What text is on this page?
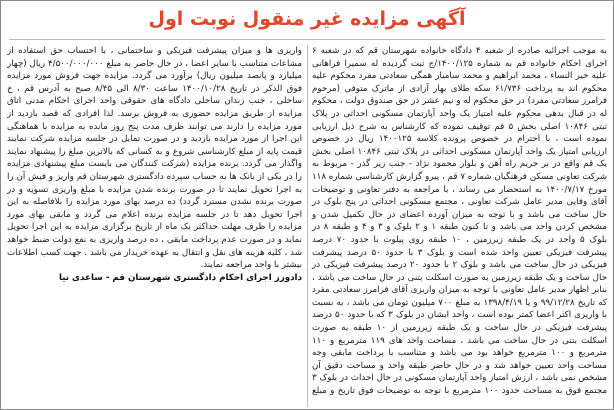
آگهی مزایده غیر منقول نوبت اول

به موجب اجرائیه صادره از شعبه ۴ دادگاه خانواده شهرستان قم که در شعبه ۶ اجرای احکام خانواده قم به شماره ۱۴۰۰/۱۲۵/ج ثبت گردیده له سمیرا فراهانی علیه خیر النساء ، محمد ابراهیم و محمد سامیار همگی سعادتی مفرد محکوم علیه محکوم اند به پرداخت ۶۱/۷۳۶ سکه طلای بهار آزادی از ماترک متوفی (مرحوم فرامرز سعادتی مفرد) در حق محکوم له و نیم عشر در حق صندوق دولت ، محکوم له در قبال بدهی محکوم علیه امتیاز یک واحد آپارتمان مسکونی احداثی در پلاک ثبتی ۱۰۸۴۶ اصلی بخش ۵ قم توقیف نموده که کارشناس به شرح ذیل ارزیابی نموده است ، با احترام در خصوص پرونده کلاسه ۱۴۰۰۱۲۵ ریال در خصوص ارزیابی امتیاز یک واحد آپارتمان مسکونی احداثی در پلاک ثبتی ۱۰۸۴۶ اصلی بخش یک قم واقع در بر حریم راه آهن و بلوار محمود نژاد - جنب زیر گذر - مربوط به شرکت تعاونی مسکن فرهنگیان شماره ۷ قم ، پیرو گزارش کارشناسی شماره ۱۱۸ مورخ ۱۴۰۰/۷/۱۷ به استحضار می رساند ، با مراجعه به دفتر تعاونی و توضیحات آقای وفایی مدیر عامل شرکت تعاونی ، مجتمع مسکونی احداثی در پنج بلوک در حال ساخت می باشد و با توجه به میزان آورده اعضای در حال تکمیل شدن و مشخص کردن واحد می باشد و تا کنون طبقه ۱ و ۲ بلوک و ۳ و ۴ و طبقه ۸ در بلوک ۵ واحد در یک طبقه زیرزمین ، ۱۰ طبقه روی پیلوت با حدود ۷۰ درصد پیشرفت فیزیکی تعیین واحد شده است و بلوک ۳ با حدود ۵۰ درصد پیشرفت فیزیکی در حال ساخت می باشد و بلوک ۲ با حدود ۲۰ درصد پیشرفت فیزیکی در حال ساخت و یک طبقه زیرزمین به صورت اسکلت بتنی در حال ساخت می باشد ، بنابر اظهار مدیر عامل تعاونی با توجه به میزان واریزی آقای فرامرز سعادتی مفرد که تاریخ ۹۹/۱۲/۲۸ و یا ۱۳۹۸/۴/۱۹ به مبلغ ۷۰۰ میلیون تومان می باشد ، به نسبت با واریزی اکثر اعضا کمتر بوده است ، واحد ایشان در بلوک ۳ که با حدود ۵۰ درصد پیشرفت فیزیکی در حال ساخت و یک طبقه زیرزمین از ۱۰ طبقه به صورت اسکلت بتنی در حال ساخت می باشد ، مساحت واحد های ۱۱۹ مترمربع و ۱۱۰ مترمربع و ۱۰۰ مترمربع خواهد بود می باشد و متناسب با پرداخت مابقی وجه مساحت واحد تعیین خواهد شد و در حال حاضر طبقه واحد و مساحت دقیق آن مشخص نمی باشد ، ارزش امتیاز واحد آپارتمان مسکونی در حال احداث در بلوک ۳ مجتمع فوق به مساحت حدود ۱۰۰ مترمربع با توجه به توضیحات فوق تاریخ و مبلغ واریزی ها و میزان پیشرفت فیزیکی و ساختمانی ، با احتساب حق استفاده از مشاعات متناسب با سایر اعضا ، در حال حاضر به مبلغ ۴/۵۰۰/۰۰۰/۰۰۰ ریال (چهار میلیارد و پانصد میلیون ریال) برآورد می گردد. مزایده جهت فروش مورد مزایده فوق الذکر در تاریخ ۱۴۰۰/۱۰/۲۸ ساعت ۸/۳۰ الی ۸/۴۵ صبح به آدرس قم ، خ ساحلی ، جنب زندان ساحلی دادگاه های حقوقی واحد اجرای احکام مدنی اتاق مزایده از طریق مزایده حضوری به فروش برسد. لذا افرادی که قصد بازدید از مورد مزایده را دارند می توانند ظرف مدت پنج روز مانده به مزایده با هماهنگی این اجرا از مورد مزایده بازدید و در صورت تمایل در جلسه مزایده شرکت نمایند قیمت پایه از مبلغ کارشناسی شروع و به کسانی که بالاترین مبلغ را پیشنهاد نمایند واگذار می گردد. برنده مزایده (شرکت کنندگان می بایست مبلغ پیشنهادی مزایده را در یکی از بانک ها به حساب سپرده دادگستری شهرستان قم واریز و فیش آن را به اجرا تحویل نمایند تا در صورت برنده شدن مزایده با مبلغ واریزی تسویه و در صورت برنده نشدن مسترد گردد) ده درصد بهای مورد مزایده را بلافاصله به این اجرا تحویل دهد تا در جلسه مزایده برنده اعلام می گردد و مابقی بهای مورد مزایده را ظرف مهلت حداکثر یک ماه از تاریخ برگزاری مزایده به این اجرا تحویل نماید و در صورت عدم پرداخت مابقی ، ده درصد واریزی به نفع دولت ضبط خواهد شد ، کلیه هزینه های نقل و انتقال به عهده خریدار می باشد . جهت کسب اطلاعات بیشتر با واحد مراجعه نمایند.

دادورز اجرای احکام دادگستری شهرستان قم - ساعدی نیا
